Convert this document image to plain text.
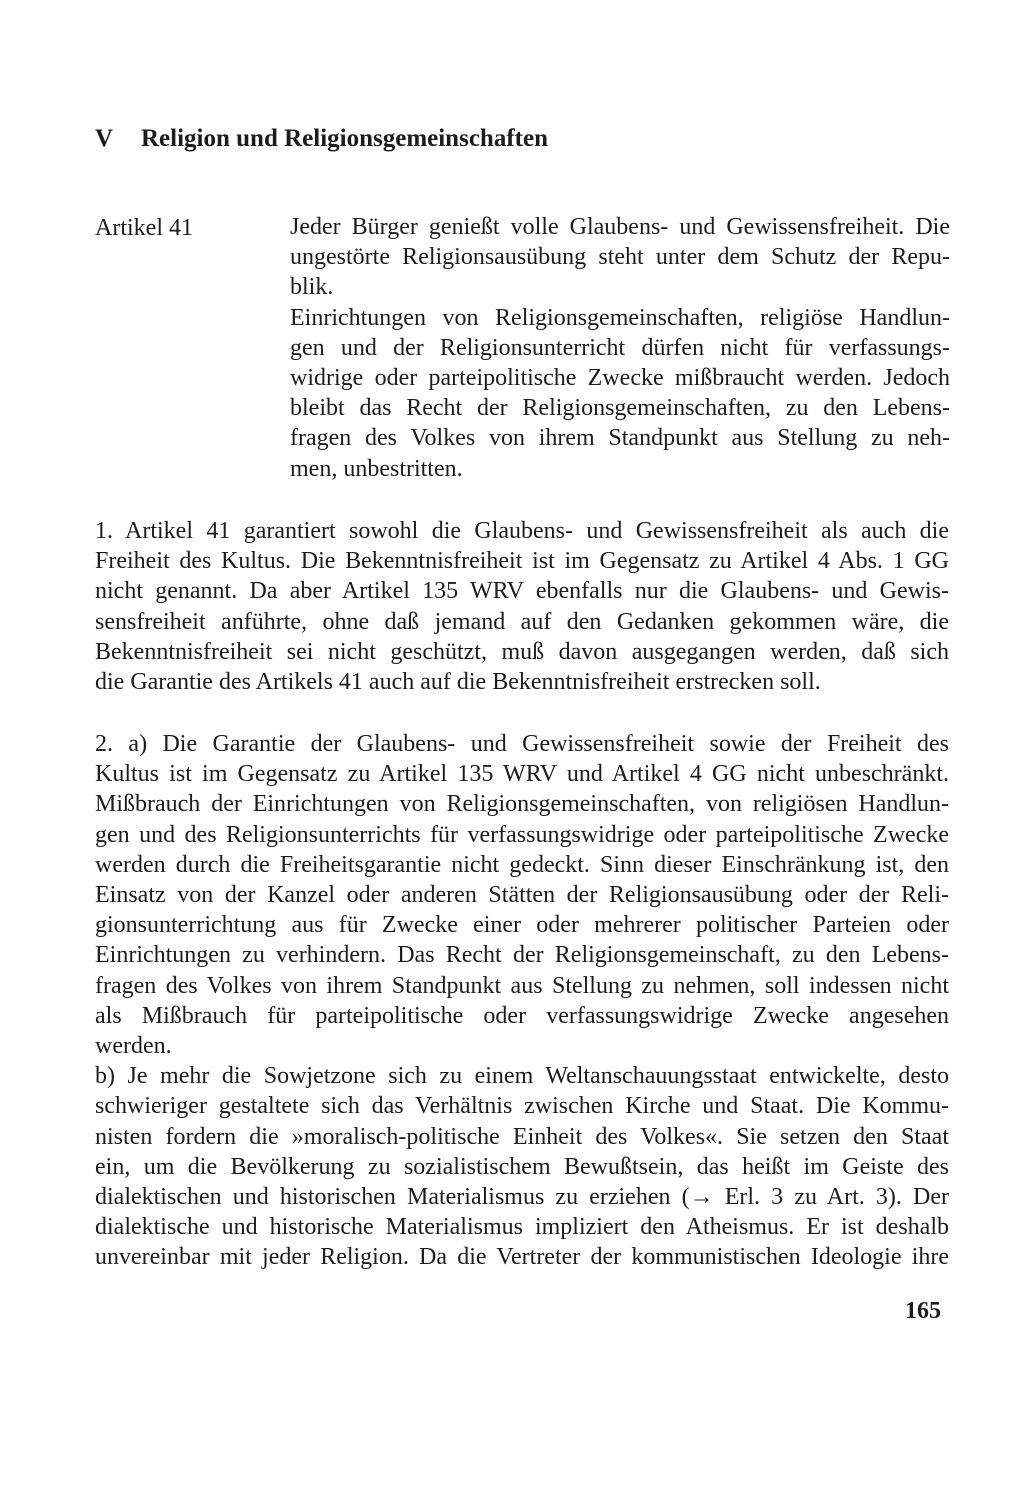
V Religion und Religionsgemeinschaften

Artikel 41	Jeder Bürger genießt volle Glaubens- und Gewissensfreiheit. Die
ungestörte Religionsausübung steht unter dem Schutz der Repu-
blik.
Einrichtungen von Religionsgemeinschaften, religiöse Handlun-
gen und der Religionsunterricht dürfen nicht für verfassungs-
widrige oder parteipolitische Zwecke mißbraucht werden. Jedoch
bleibt das Recht der Religionsgemeinschaften, zu den Lebens-
fragen des Volkes von ihrem Standpunkt aus Stellung zu neh-
men, unbestritten.

1. Artikel 41 garantiert sowohl die Glaubens- und Gewissensfreiheit als auch die
Freiheit des Kultus. Die Bekenntnisfreiheit ist im Gegensatz zu Artikel 4 Abs. 1 GG
nicht genannt. Da aber Artikel 135 WRV ebenfalls nur die Glaubens- und Gewis-
sensfreiheit anführte, ohne daß jemand auf den Gedanken gekommen wäre, die
Bekenntnisfreiheit sei nicht geschützt, muß davon ausgegangen werden, daß sich
die Garantie des Artikels 41 auch auf die Bekenntnisfreiheit erstrecken soll.

2. a) Die Garantie der Glaubens- und Gewissensfreiheit sowie der Freiheit des
Kultus ist im Gegensatz zu Artikel 135 WRV und Artikel 4 GG nicht unbeschränkt.
Mißbrauch der Einrichtungen von Religionsgemeinschaften, von religiösen Handlun-
gen und des Religionsunterrichts für verfassungswidrige oder parteipolitische Zwecke
werden durch die Freiheitsgarantie nicht gedeckt. Sinn dieser Einschränkung ist, den
Einsatz von der Kanzel oder anderen Stätten der Religionsausübung oder der Reli-
gionsunterrichtung aus für Zwecke einer oder mehrerer politischer Parteien oder
Einrichtungen zu verhindern. Das Recht der Religionsgemeinschaft, zu den Lebens-
fragen des Volkes von ihrem Standpunkt aus Stellung zu nehmen, soll indessen nicht
als Mißbrauch für parteipolitische oder verfassungswidrige Zwecke angesehen
werden.
b) Je mehr die Sowjetzone sich zu einem Weltanschauungsstaat entwickelte, desto
schwieriger gestaltete sich das Verhältnis zwischen Kirche und Staat. Die Kommu-
nisten fordern die »moralisch-politische Einheit des Volkes«. Sie setzen den Staat
ein, um die Bevölkerung zu sozialistischem Bewußtsein, das heißt im Geiste des
dialektischen und historischen Materialismus zu erziehen (→ Erl. 3 zu Art. 3). Der
dialektische und historische Materialismus impliziert den Atheismus. Er ist deshalb
unvereinbar mit jeder Religion. Da die Vertreter der kommunistischen Ideologie ihre

165
